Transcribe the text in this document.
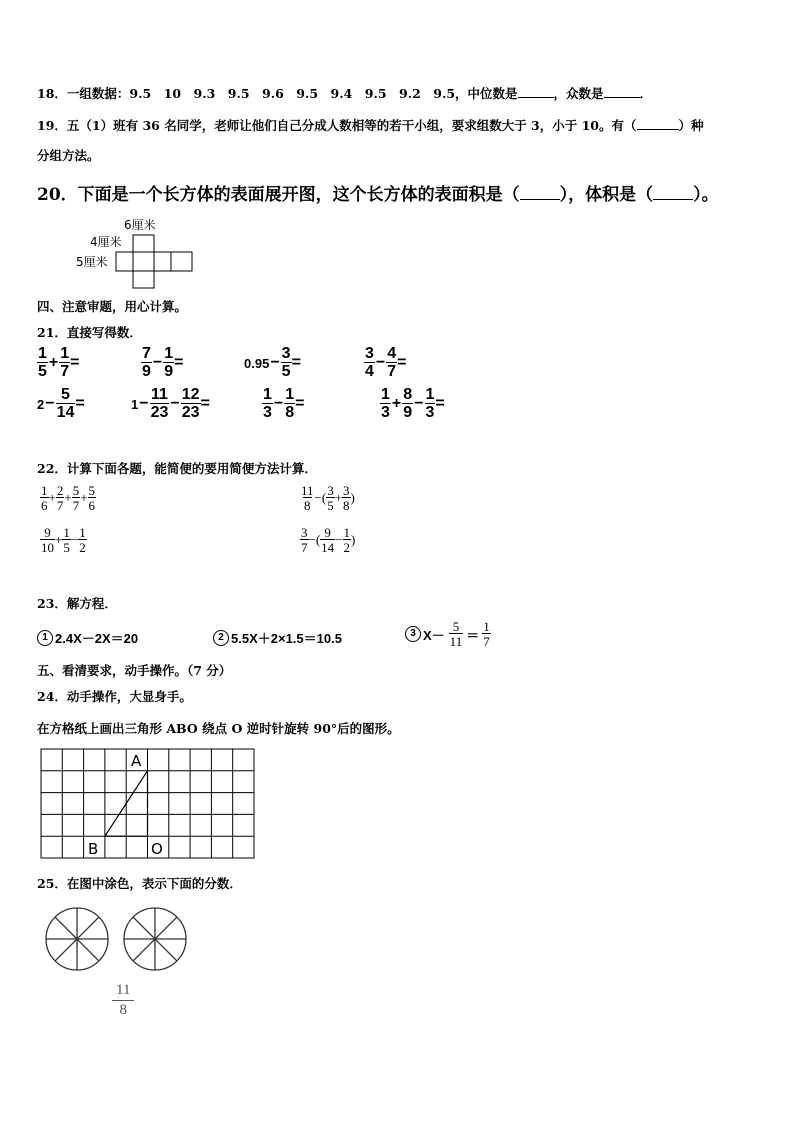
18．一组数据：9.5　10　9.3　9.5　9.6　9.5　9.4　9.5　9.2　9.5，中位数是	，众数是	．
19．五（1）班有 36 名同学，老师让他们自己分成人数相等的若干小组，要求组数大于 3，小于 10。有（	）种
分组方法。
20．下面是一个长方体的表面展开图，这个长方体的表面积是（ ），体积是（ ）。
6厘米
4厘米
5厘米
四、注意审题，用心计算。
21．直接写得数．
$\frac{1}{5} + \frac{1}{7}$ =	$\frac{7}{9} - \frac{1}{9}$ =	$0.95 - \frac{3}{5}$ =	$\frac{3}{4} - \frac{4}{7}$ =
$2 - \frac{5}{14}$ =	$1 - \frac{11}{23} - \frac{12}{23}$ =	$\frac{1}{3} - \frac{1}{8}$ =	$\frac{1}{3} + \frac{8}{9} - \frac{1}{3}$ =
22．计算下面各题，能简便的要用简便方法计算．
$\frac{1}{6} + \frac{2}{7} + \frac{5}{7} + \frac{5}{6}$	$\frac{11}{8}$ −( $\frac{3}{5} + \frac{3}{8}$ )
$\frac{9}{10} + \frac{1}{5} - \frac{1}{2}$	$\frac{3}{7}$ −( $\frac{9}{14} - \frac{1}{2}$ )
23．解方程．
1 2.4X－2X＝20	2 5.5X＋2×1.5＝10.5	3 $X- \frac{5}{11} = \frac{1}{7}$
五、看清要求，动手操作。（7 分）
24．动手操作，大显身手。
在方格纸上画出三角形 ABO 绕点 O 逆时针旋转 90°后的图形。
A
B	O
25．在图中涂色，表示下面的分数．
$\frac{11}{8}$
